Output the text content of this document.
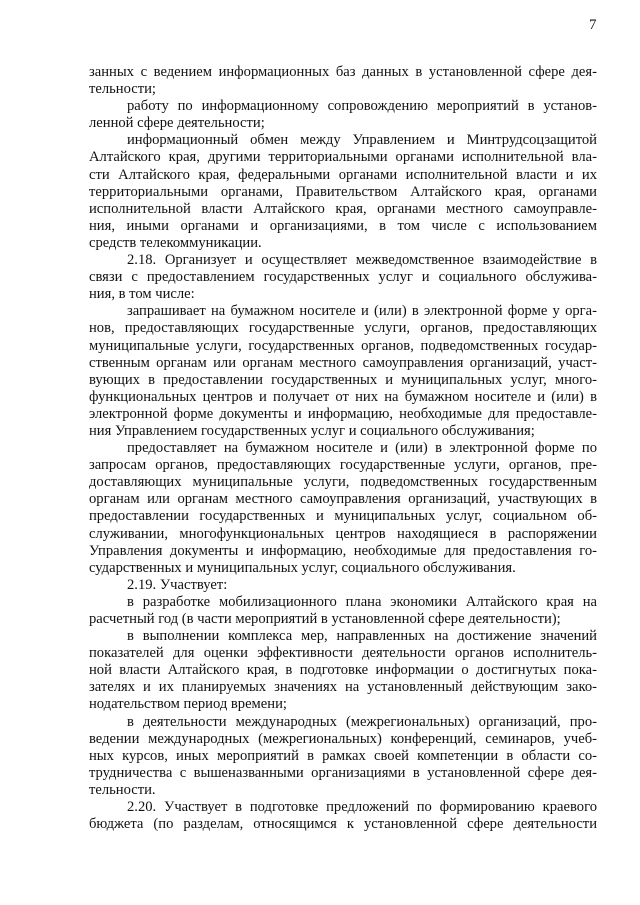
7
занных с ведением информационных баз данных в установленной сфере дея-
тельности;
работу по информационному сопровождению мероприятий в установ-
ленной сфере деятельности;
информационный обмен между Управлением и Минтрудсоцзащитой
Алтайского края, другими территориальными органами исполнительной вла-
сти Алтайского края, федеральными органами исполнительной власти и их
территориальными органами, Правительством Алтайского края, органами
исполнительной власти Алтайского края, органами местного самоуправле-
ния, иными органами и организациями, в том числе с использованием
средств телекоммуникации.
2.18. Организует и осуществляет межведомственное взаимодействие в
связи с предоставлением государственных услуг и социального обслужива-
ния, в том числе:
запрашивает на бумажном носителе и (или) в электронной форме у орга-
нов, предоставляющих государственные услуги, органов, предоставляющих
муниципальные услуги, государственных органов, подведомственных государ-
ственным органам или органам местного самоуправления организаций, участ-
вующих в предоставлении государственных и муниципальных услуг, много-
функциональных центров и получает от них на бумажном носителе и (или) в
электронной форме документы и информацию, необходимые для предоставле-
ния Управлением государственных услуг и социального обслуживания;
предоставляет на бумажном носителе и (или) в электронной форме по
запросам органов, предоставляющих государственные услуги, органов, пре-
доставляющих муниципальные услуги, подведомственных государственным
органам или органам местного самоуправления организаций, участвующих в
предоставлении государственных и муниципальных услуг, социальном об-
служивании, многофункциональных центров находящиеся в распоряжении
Управления документы и информацию, необходимые для предоставления го-
сударственных и муниципальных услуг, социального обслуживания.
2.19. Участвует:
в разработке мобилизационного плана экономики Алтайского края на
расчетный год (в части мероприятий в установленной сфере деятельности);
в выполнении комплекса мер, направленных на достижение значений
показателей для оценки эффективности деятельности органов исполнитель-
ной власти Алтайского края, в подготовке информации о достигнутых пока-
зателях и их планируемых значениях на установленный действующим зако-
нодательством период времени;
в деятельности международных (межрегиональных) организаций, про-
ведении международных (межрегиональных) конференций, семинаров, учеб-
ных курсов, иных мероприятий в рамках своей компетенции в области со-
трудничества с вышеназванными организациями в установленной сфере дея-
тельности.
2.20. Участвует в подготовке предложений по формированию краевого
бюджета (по разделам, относящимся к установленной сфере деятельности
